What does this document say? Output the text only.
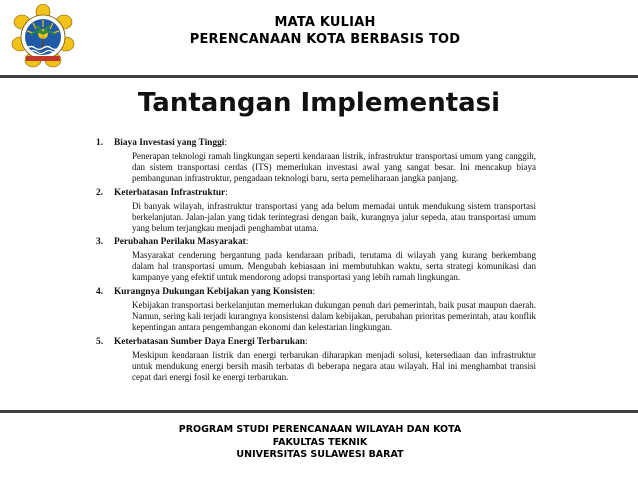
MATA KULIAH
PERENCANAAN KOTA BERBASIS TOD
Tantangan Implementasi
1. Biaya Investasi yang Tinggi:
Penerapan teknologi ramah lingkungan seperti kendaraan listrik, infrastruktur transportasi umum yang canggih, dan sistem transportasi cerdas (ITS) memerlukan investasi awal yang sangat besar. Ini mencakup biaya pembangunan infrastruktur, pengadaan teknologi baru, serta pemeliharaan jangka panjang.
2. Keterbatasan Infrastruktur:
Di banyak wilayah, infrastruktur transportasi yang ada belum memadai untuk mendukung sistem transportasi berkelanjutan. Jalan-jalan yang tidak terintegrasi dengan baik, kurangnya jalur sepeda, atau transportasi umum yang belum terjangkau menjadi penghambat utama.
3. Perubahan Perilaku Masyarakat:
Masyarakat cenderung bergantung pada kendaraan pribadi, terutama di wilayah yang kurang berkembang dalam hal transportasi umum. Mengubah kebiasaan ini membutuhkan waktu, serta strategi komunikasi dan kampanye yang efektif untuk mendorong adopsi transportasi yang lebih ramah lingkungan.
4. Kurangnya Dukungan Kebijakan yang Konsisten:
Kebijakan transportasi berkelanjutan memerlukan dukungan penuh dari pemerintah, baik pusat maupun daerah. Namun, sering kali terjadi kurangnya konsistensi dalam kebijakan, perubahan prioritas pemerintah, atau konflik kepentingan antara pengembangan ekonomi dan kelestarian lingkungan.
5. Keterbatasan Sumber Daya Energi Terbarukan:
Meskipun kendaraan listrik dan energi terbarukan diharapkan menjadi solusi, ketersediaan dan infrastruktur untuk mendukung energi bersih masih terbatas di beberapa negara atau wilayah. Hal ini menghambat transisi cepat dari energi fosil ke energi terbarukan.
PROGRAM STUDI PERENCANAAN WILAYAH DAN KOTA
FAKULTAS TEKNIK
UNIVERSITAS SULAWESI BARAT
